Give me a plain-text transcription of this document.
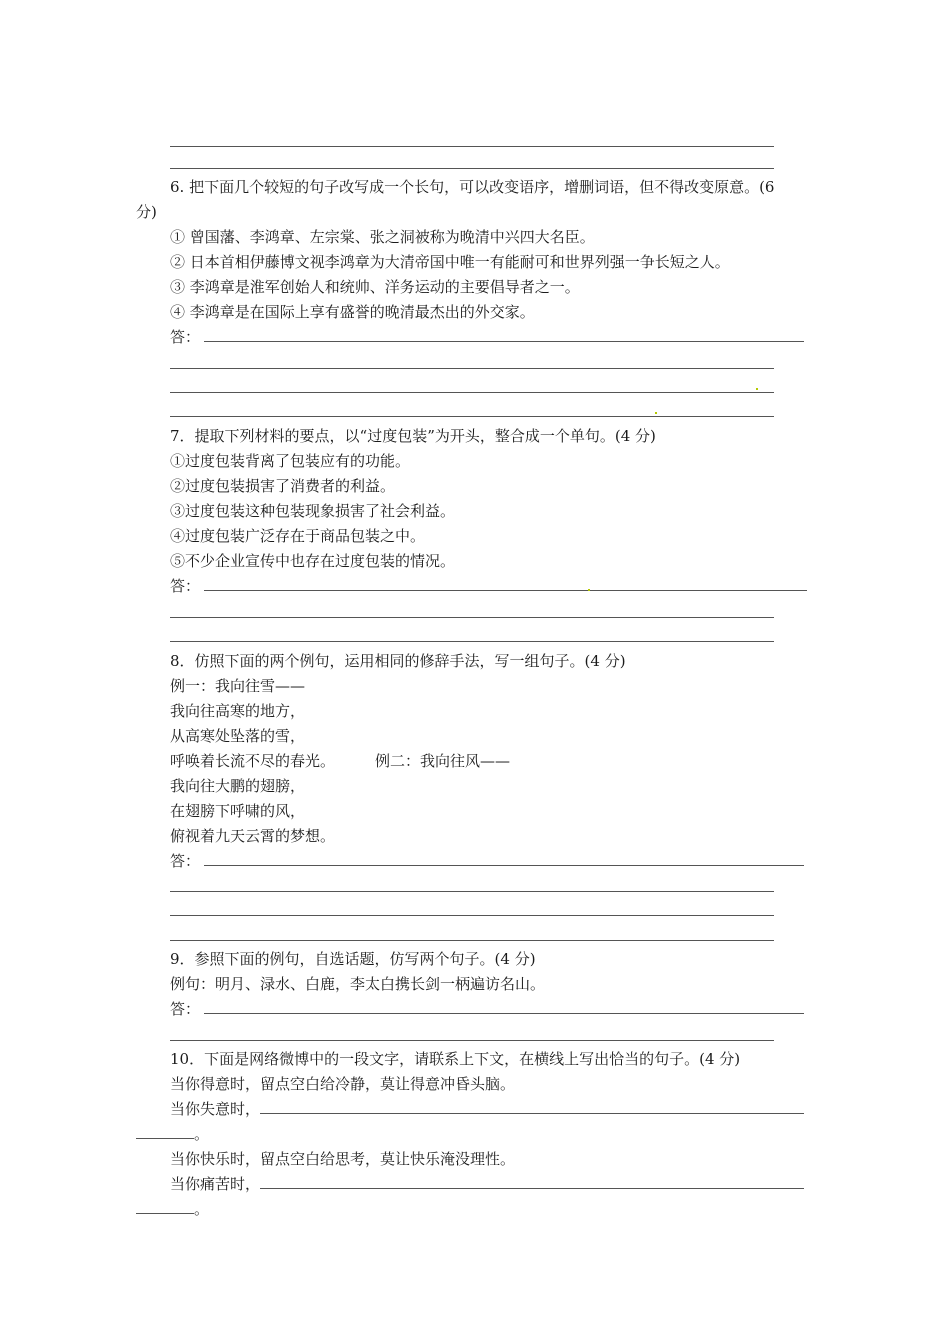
6. 把下面几个较短的句子改写成一个长句，可以改变语序，增删词语，但不得改变原意。(6
分)
① 曾国藩、李鸿章、左宗棠、张之洞被称为晚清中兴四大名臣。
② 日本首相伊藤博文视李鸿章为大清帝国中唯一有能耐可和世界列强一争长短之人。
③ 李鸿章是淮军创始人和统帅、洋务运动的主要倡导者之一。
④ 李鸿章是在国际上享有盛誉的晚清最杰出的外交家。
答：
7．提取下列材料的要点，以“过度包装”为开头，整合成一个单句。(4 分)
①过度包装背离了包装应有的功能。
②过度包装损害了消费者的利益。
③过度包装这种包装现象损害了社会利益。
④过度包装广泛存在于商品包装之中。
⑤不少企业宣传中也存在过度包装的情况。
答：
8．仿照下面的两个例句，运用相同的修辞手法，写一组句子。(4 分)
例一：我向往雪——
我向往高寒的地方，
从高寒处坠落的雪，
呼唤着长流不尽的春光。	例二：我向往风——
我向往大鹏的翅膀，
在翅膀下呼啸的风，
俯视着九天云霄的梦想。
答：
9．参照下面的例句，自选话题，仿写两个句子。(4 分)
例句：明月、渌水、白鹿，李太白携长剑一柄遍访名山。
答：
10．下面是网络微博中的一段文字，请联系上下文，在横线上写出恰当的句子。(4 分)
当你得意时，留点空白给冷静，莫让得意冲昏头脑。
当你失意时，
。
当你快乐时，留点空白给思考，莫让快乐淹没理性。
当你痛苦时，
。
